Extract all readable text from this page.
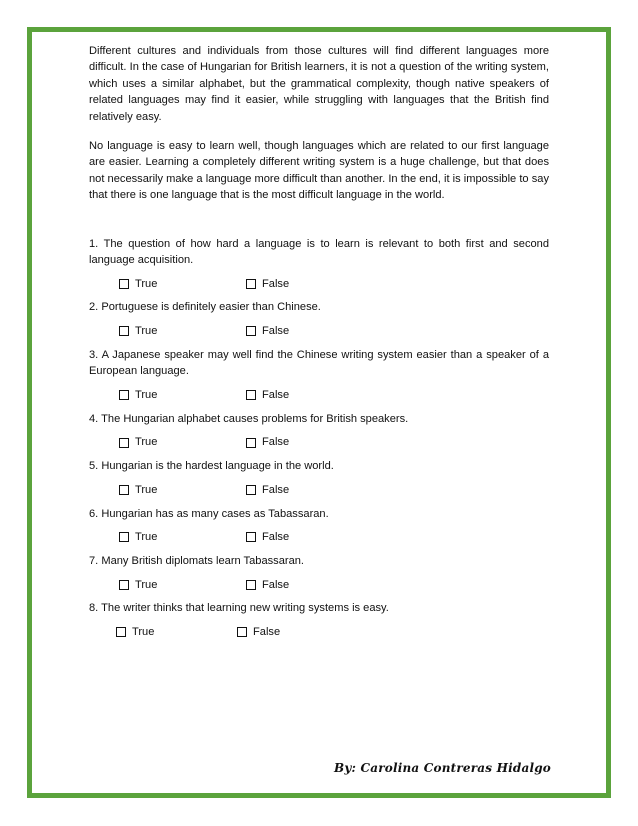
Different cultures and individuals from those cultures will find different languages more difficult. In the case of Hungarian for British learners, it is not a question of the writing system, which uses a similar alphabet, but the grammatical complexity, though native speakers of related languages may find it easier, while struggling with languages that the British find relatively easy.

No language is easy to learn well, though languages which are related to our first language are easier. Learning a completely different writing system is a huge challenge, but that does not necessarily make a language more difficult than another. In the end, it is impossible to say that there is one language that is the most difficult language in the world.

1. The question of how hard a language is to learn is relevant to both first and second language acquisition.

True	False

2. Portuguese is definitely easier than Chinese.

True	False

3. A Japanese speaker may well find the Chinese writing system easier than a speaker of a European language.

True	False

4. The Hungarian alphabet causes problems for British speakers.

True	False

5. Hungarian is the hardest language in the world.

True	False

6. Hungarian has as many cases as Tabassaran.

True	False

7. Many British diplomats learn Tabassaran.

True	False

8. The writer thinks that learning new writing systems is easy.

True	False
By: Carolina Contreras Hidalgo
